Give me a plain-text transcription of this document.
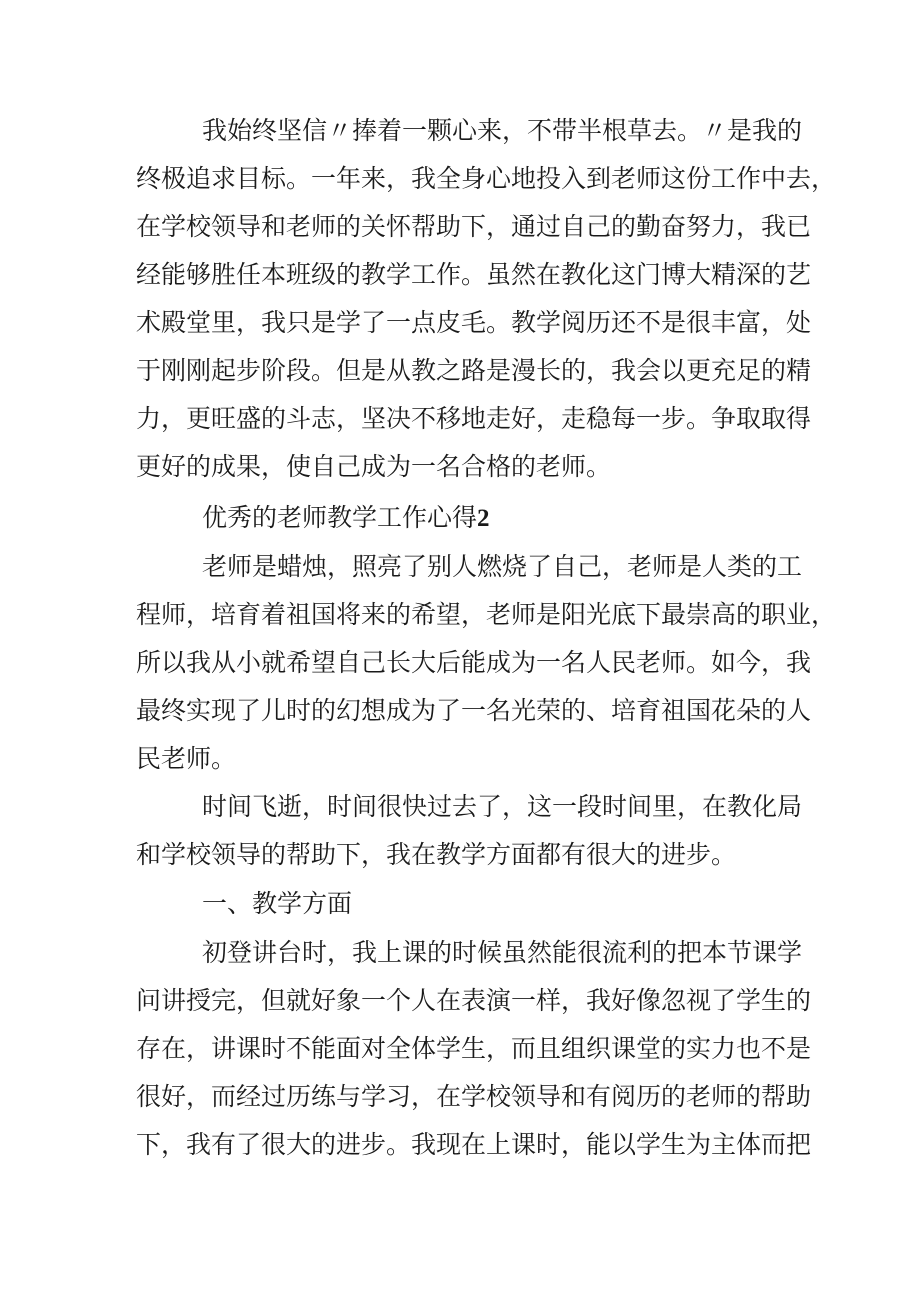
我始终坚信〃捧着一颗心来，不带半根草去。〃是我的
终极追求目标。一年来，我全身心地投入到老师这份工作中去，
在学校领导和老师的关怀帮助下，通过自己的勤奋努力，我已
经能够胜任本班级的教学工作。虽然在教化这门博大精深的艺
术殿堂里，我只是学了一点皮毛。教学阅历还不是很丰富，处
于刚刚起步阶段。但是从教之路是漫长的，我会以更充足的精
力，更旺盛的斗志，坚决不移地走好，走稳每一步。争取取得
更好的成果，使自己成为一名合格的老师。
优秀的老师教学工作心得2
老师是蜡烛，照亮了别人燃烧了自己，老师是人类的工
程师，培育着祖国将来的希望，老师是阳光底下最崇高的职业，
所以我从小就希望自己长大后能成为一名人民老师。如今，我
最终实现了儿时的幻想成为了一名光荣的、培育祖国花朵的人
民老师。
时间飞逝，时间很快过去了，这一段时间里，在教化局
和学校领导的帮助下，我在教学方面都有很大的进步。
一、教学方面
初登讲台时，我上课的时候虽然能很流利的把本节课学
问讲授完，但就好象一个人在表演一样，我好像忽视了学生的
存在，讲课时不能面对全体学生，而且组织课堂的实力也不是
很好，而经过历练与学习，在学校领导和有阅历的老师的帮助
下，我有了很大的进步。我现在上课时，能以学生为主体而把
